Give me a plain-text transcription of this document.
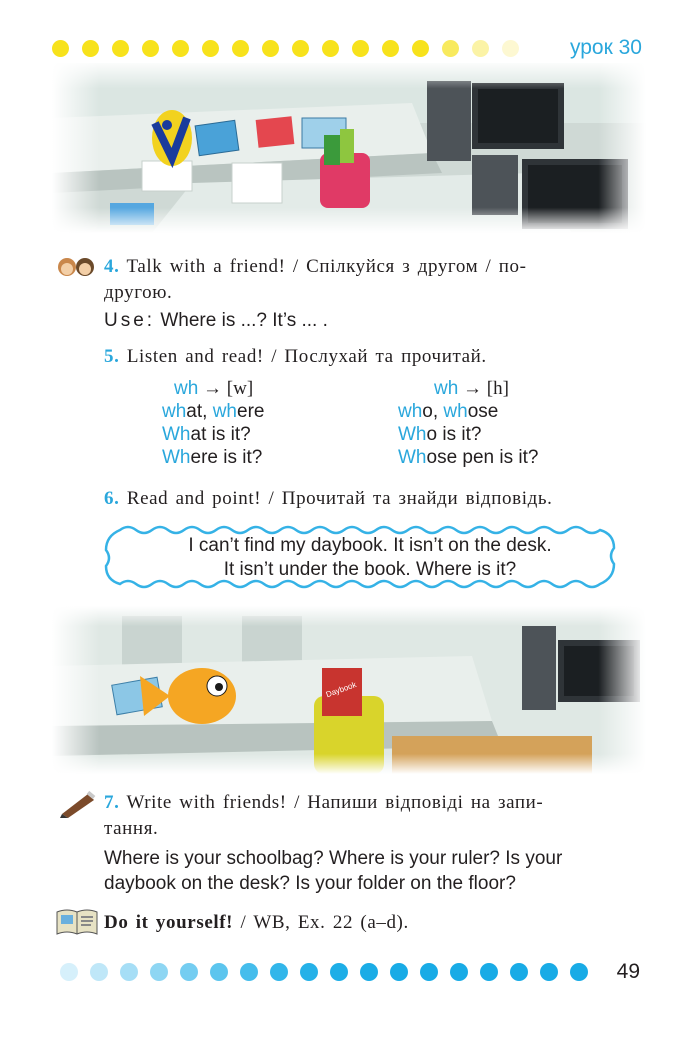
урок 30
4. Talk with a friend! / Спілкуйся з другом / по-
другою.
Use: Where is ...? It’s ... .
5. Listen and read! / Послухай та прочитай.
wh → [w]
what, where
What is it?
Where is it?
wh → [h]
who, whose
Who is it?
Whose pen is it?
6. Read and point! / Прочитай та знайди відповідь.
I can’t find my daybook. It isn’t on the desk.
It isn’t under the book. Where is it?
7. Write with friends! / Напиши відповіді на запи-
тання.
Where is your schoolbag? Where is your ruler? Is your
daybook on the desk? Is your folder on the floor?
Do it yourself! / WB, Ex. 22 (a–d).
49
